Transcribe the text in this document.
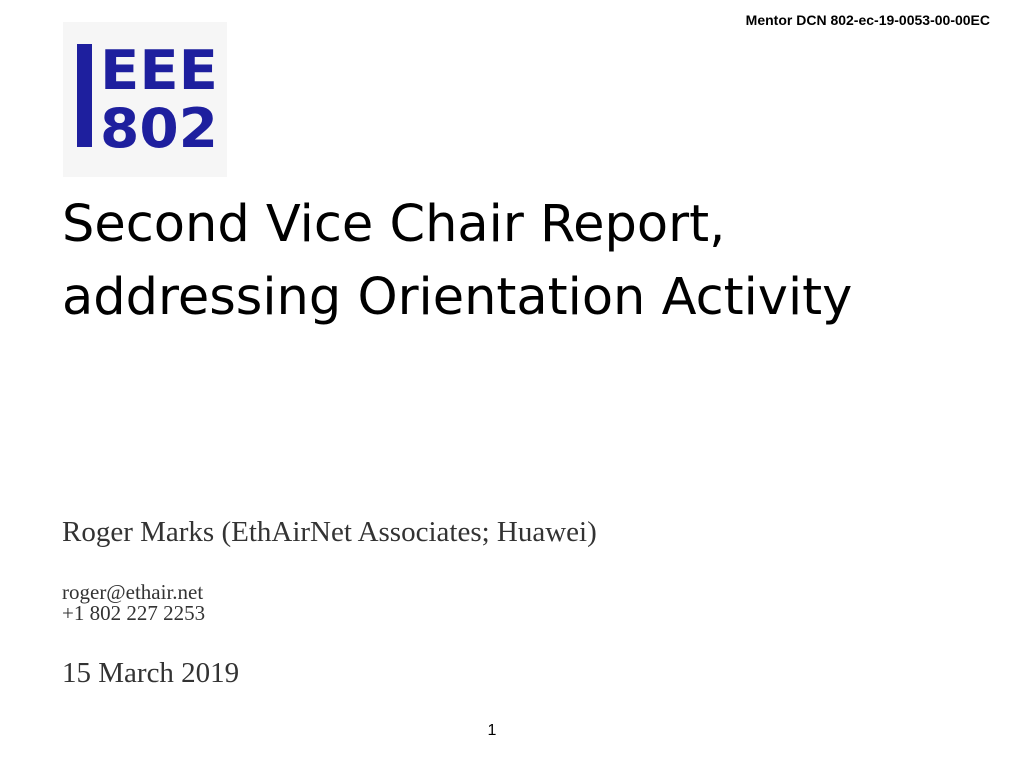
Mentor DCN 802-ec-19-0053-00-00EC
EEE
802
Second Vice Chair Report,
addressing Orientation Activity
Roger Marks (EthAirNet Associates; Huawei)
roger@ethair.net
+1 802 227 2253
15 March 2019
1
